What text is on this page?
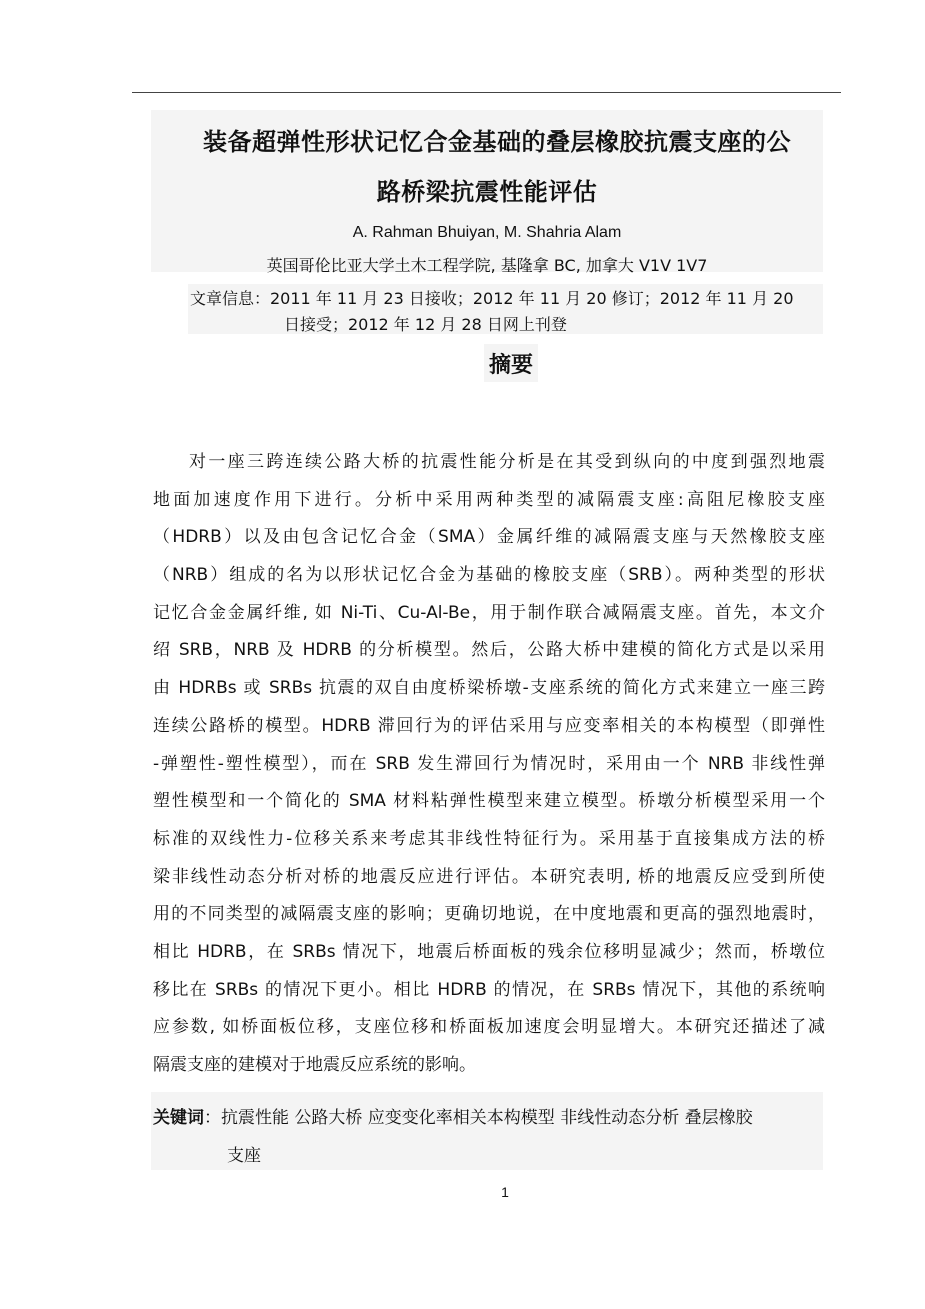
装备超弹性形状记忆合金基础的叠层橡胶抗震支座的公
路桥梁抗震性能评估
A. Rahman Bhuiyan, M. Shahria Alam
英国哥伦比亚大学土木工程学院, 基隆拿 BC, 加拿大 V1V 1V7
文章信息：2011 年 11 月 23 日接收；2012 年 11 月 20 修订；2012 年 11 月 20
日接受；2012 年 12 月 28 日网上刊登
摘要
对一座三跨连续公路大桥的抗震性能分析是在其受到纵向的中度到强烈地震
地面加速度作用下进行。分析中采用两种类型的减隔震支座:高阻尼橡胶支座
（HDRB）以及由包含记忆合金（SMA）金属纤维的减隔震支座与天然橡胶支座
（NRB）组成的名为以形状记忆合金为基础的橡胶支座（SRB）。两种类型的形状
记忆合金金属纤维, 如 Ni-Ti、Cu-Al-Be，用于制作联合减隔震支座。首先，本文介
绍 SRB，NRB 及 HDRB 的分析模型。然后，公路大桥中建模的简化方式是以采用
由 HDRBs 或 SRBs 抗震的双自由度桥梁桥墩-支座系统的简化方式来建立一座三跨
连续公路桥的模型。HDRB 滞回行为的评估采用与应变率相关的本构模型（即弹性
-弹塑性-塑性模型），而在 SRB 发生滞回行为情况时，采用由一个 NRB 非线性弹
塑性模型和一个简化的 SMA 材料粘弹性模型来建立模型。桥墩分析模型采用一个
标准的双线性力-位移关系来考虑其非线性特征行为。采用基于直接集成方法的桥
梁非线性动态分析对桥的地震反应进行评估。本研究表明, 桥的地震反应受到所使
用的不同类型的减隔震支座的影响；更确切地说，在中度地震和更高的强烈地震时，
相比 HDRB，在 SRBs 情况下，地震后桥面板的残余位移明显减少；然而，桥墩位
移比在 SRBs 的情况下更小。相比 HDRB 的情况，在 SRBs 情况下，其他的系统响
应参数, 如桥面板位移，支座位移和桥面板加速度会明显增大。本研究还描述了减
隔震支座的建模对于地震反应系统的影响。
关键词：抗震性能 公路大桥 应变变化率相关本构模型 非线性动态分析 叠层橡胶
支座
1
